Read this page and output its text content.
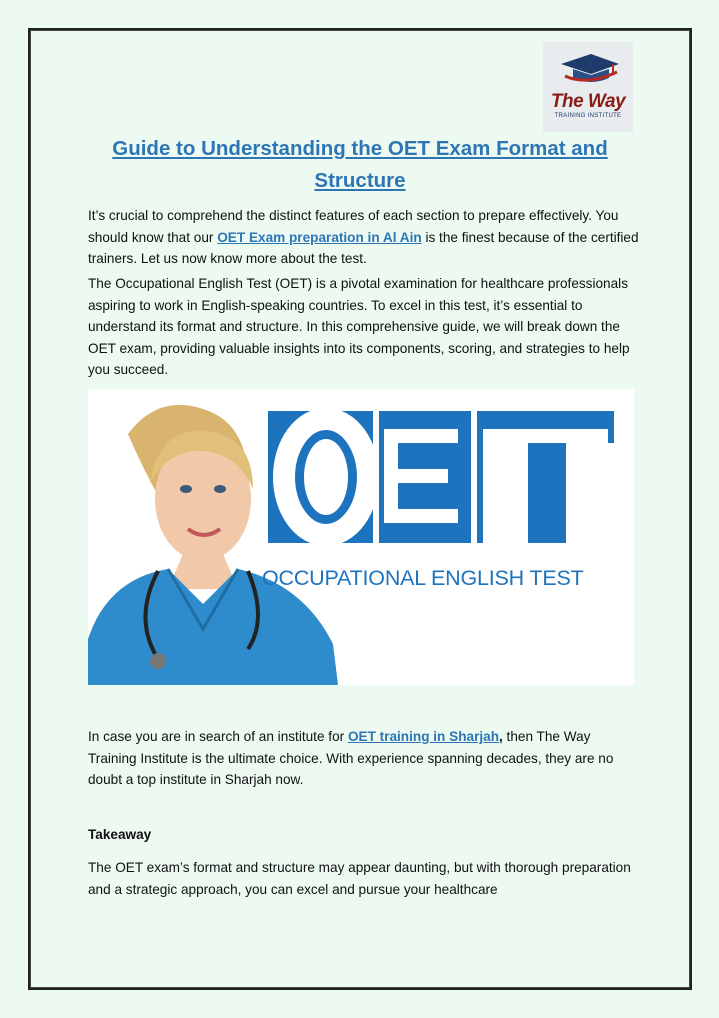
The Way
TRAINING INSTITUTE
Guide to Understanding the OET Exam Format and Structure
It’s crucial to comprehend the distinct features of each section to prepare effectively. You should know that our OET Exam preparation in Al Ain is the finest because of the certified trainers. Let us now know more about the test.
The Occupational English Test (OET) is a pivotal examination for healthcare professionals aspiring to work in English-speaking countries. To excel in this test, it’s essential to understand its format and structure. In this comprehensive guide, we will break down the OET exam, providing valuable insights into its components, scoring, and strategies to help you succeed.
OCCUPATIONAL ENGLISH TEST
In case you are in search of an institute for OET training in Sharjah, then The Way Training Institute is the ultimate choice. With experience spanning decades, they are no doubt a top institute in Sharjah now.
Takeaway
The OET exam’s format and structure may appear daunting, but with thorough preparation and a strategic approach, you can excel and pursue your healthcare
